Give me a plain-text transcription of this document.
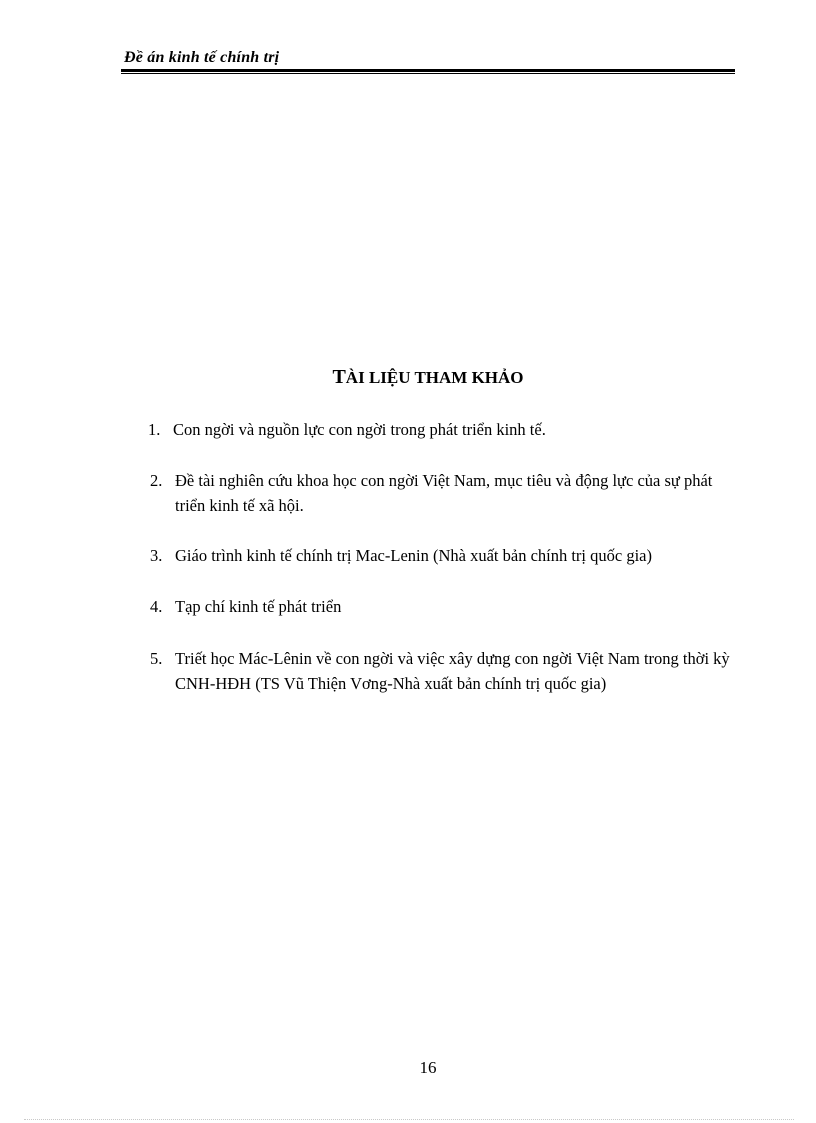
Đề án kinh tế chính trị
TÀI LIỆU THAM KHẢO
1. Con ngời và nguồn lực con ngời trong phát triển kinh tế.
2. Đề tài nghiên cứu khoa học con ngời Việt Nam, mục tiêu và động lực của sự phát triển kinh tế xã hội.
3. Giáo trình kinh tế chính trị Mac-Lenin (Nhà xuất bản chính trị quốc gia)
4. Tạp chí kinh tế phát triển
5. Triết học Mác-Lênin về con ngời và việc xây dựng con ngời Việt Nam trong thời kỳ CNH-HĐH (TS Vũ Thiện Vơng-Nhà xuất bản chính trị quốc gia)
16
